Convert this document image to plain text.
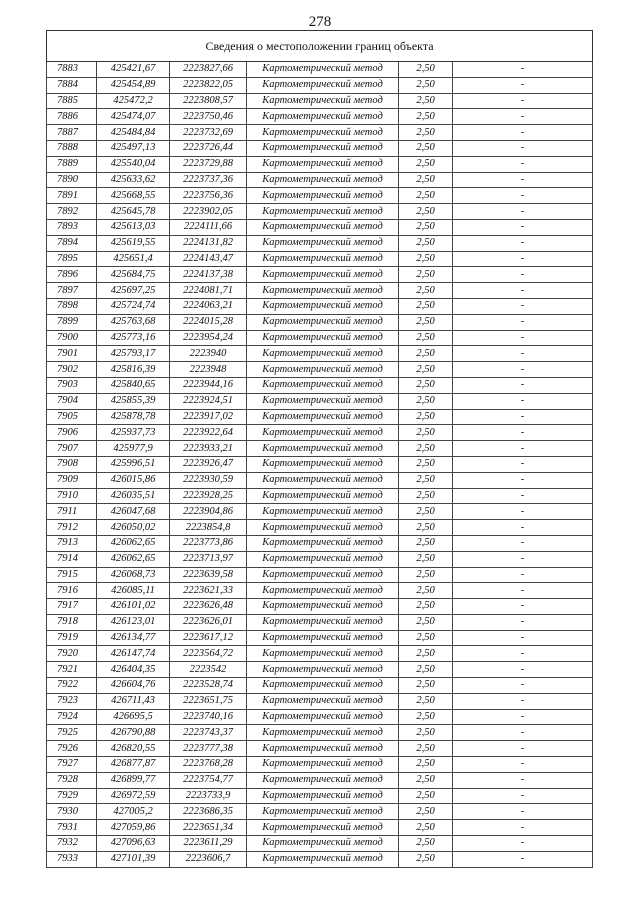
278
Сведения о местоположении границ объекта					
7883	425421,67	2223827,66	Картометрический метод	2,50	-
7884	425454,89	2223822,05	Картометрический метод	2,50	-
7885	425472,2	2223808,57	Картометрический метод	2,50	-
7886	425474,07	2223750,46	Картометрический метод	2,50	-
7887	425484,84	2223732,69	Картометрический метод	2,50	-
7888	425497,13	2223726,44	Картометрический метод	2,50	-
7889	425540,04	2223729,88	Картометрический метод	2,50	-
7890	425633,62	2223737,36	Картометрический метод	2,50	-
7891	425668,55	2223756,36	Картометрический метод	2,50	-
7892	425645,78	2223902,05	Картометрический метод	2,50	-
7893	425613,03	2224111,66	Картометрический метод	2,50	-
7894	425619,55	2224131,82	Картометрический метод	2,50	-
7895	425651,4	2224143,47	Картометрический метод	2,50	-
7896	425684,75	2224137,38	Картометрический метод	2,50	-
7897	425697,25	2224081,71	Картометрический метод	2,50	-
7898	425724,74	2224063,21	Картометрический метод	2,50	-
7899	425763,68	2224015,28	Картометрический метод	2,50	-
7900	425773,16	2223954,24	Картометрический метод	2,50	-
7901	425793,17	2223940	Картометрический метод	2,50	-
7902	425816,39	2223948	Картометрический метод	2,50	-
7903	425840,65	2223944,16	Картометрический метод	2,50	-
7904	425855,39	2223924,51	Картометрический метод	2,50	-
7905	425878,78	2223917,02	Картометрический метод	2,50	-
7906	425937,73	2223922,64	Картометрический метод	2,50	-
7907	425977,9	2223933,21	Картометрический метод	2,50	-
7908	425996,51	2223926,47	Картометрический метод	2,50	-
7909	426015,86	2223930,59	Картометрический метод	2,50	-
7910	426035,51	2223928,25	Картометрический метод	2,50	-
7911	426047,68	2223904,86	Картометрический метод	2,50	-
7912	426050,02	2223854,8	Картометрический метод	2,50	-
7913	426062,65	2223773,86	Картометрический метод	2,50	-
7914	426062,65	2223713,97	Картометрический метод	2,50	-
7915	426068,73	2223639,58	Картометрический метод	2,50	-
7916	426085,11	2223621,33	Картометрический метод	2,50	-
7917	426101,02	2223626,48	Картометрический метод	2,50	-
7918	426123,01	2223626,01	Картометрический метод	2,50	-
7919	426134,77	2223617,12	Картометрический метод	2,50	-
7920	426147,74	2223564,72	Картометрический метод	2,50	-
7921	426404,35	2223542	Картометрический метод	2,50	-
7922	426604,76	2223528,74	Картометрический метод	2,50	-
7923	426711,43	2223651,75	Картометрический метод	2,50	-
7924	426695,5	2223740,16	Картометрический метод	2,50	-
7925	426790,88	2223743,37	Картометрический метод	2,50	-
7926	426820,55	2223777,38	Картометрический метод	2,50	-
7927	426877,87	2223768,28	Картометрический метод	2,50	-
7928	426899,77	2223754,77	Картометрический метод	2,50	-
7929	426972,59	2223733,9	Картометрический метод	2,50	-
7930	427005,2	2223686,35	Картометрический метод	2,50	-
7931	427059,86	2223651,34	Картометрический метод	2,50	-
7932	427096,63	2223611,29	Картометрический метод	2,50	-
7933	427101,39	2223606,7	Картометрический метод	2,50	-
